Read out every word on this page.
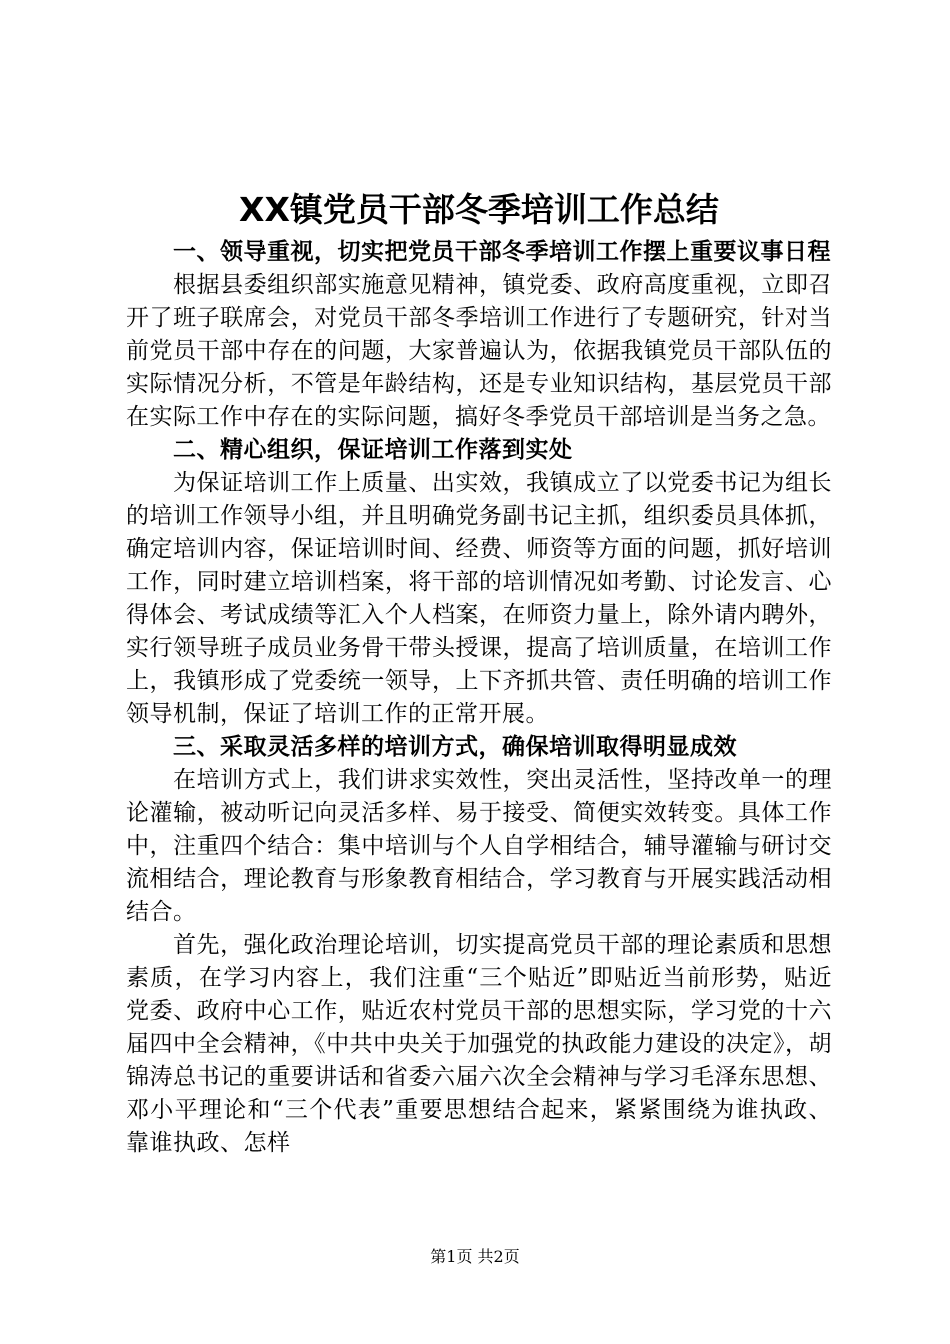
XX镇党员干部冬季培训工作总结

一、领导重视，切实把党员干部冬季培训工作摆上重要议事日程

根据县委组织部实施意见精神，镇党委、政府高度重视，立即召开了班子联席会，对党员干部冬季培训工作进行了专题研究，针对当前党员干部中存在的问题，大家普遍认为，依据我镇党员干部队伍的实际情况分析，不管是年龄结构，还是专业知识结构，基层党员干部在实际工作中存在的实际问题，搞好冬季党员干部培训是当务之急。

二、精心组织，保证培训工作落到实处

为保证培训工作上质量、出实效，我镇成立了以党委书记为组长的培训工作领导小组，并且明确党务副书记主抓，组织委员具体抓，确定培训内容，保证培训时间、经费、师资等方面的问题，抓好培训工作，同时建立培训档案，将干部的培训情况如考勤、讨论发言、心得体会、考试成绩等汇入个人档案，在师资力量上，除外请内聘外，实行领导班子成员业务骨干带头授课，提高了培训质量，在培训工作上，我镇形成了党委统一领导，上下齐抓共管、责任明确的培训工作领导机制，保证了培训工作的正常开展。

三、采取灵活多样的培训方式，确保培训取得明显成效

在培训方式上，我们讲求实效性，突出灵活性，坚持改单一的理论灌输，被动听记向灵活多样、易于接受、简便实效转变。具体工作中，注重四个结合：集中培训与个人自学相结合，辅导灌输与研讨交流相结合，理论教育与形象教育相结合，学习教育与开展实践活动相结合。

首先，强化政治理论培训，切实提高党员干部的理论素质和思想素质，在学习内容上，我们注重“三个贴近”即贴近当前形势，贴近党委、政府中心工作，贴近农村党员干部的思想实际，学习党的十六届四中全会精神，《中共中央关于加强党的执政能力建设的决定》，胡锦涛总书记的重要讲话和省委六届六次全会精神与学习毛泽东思想、邓小平理论和“三个代表”重要思想结合起来，紧紧围绕为谁执政、靠谁执政、怎样

第1页 共2页
